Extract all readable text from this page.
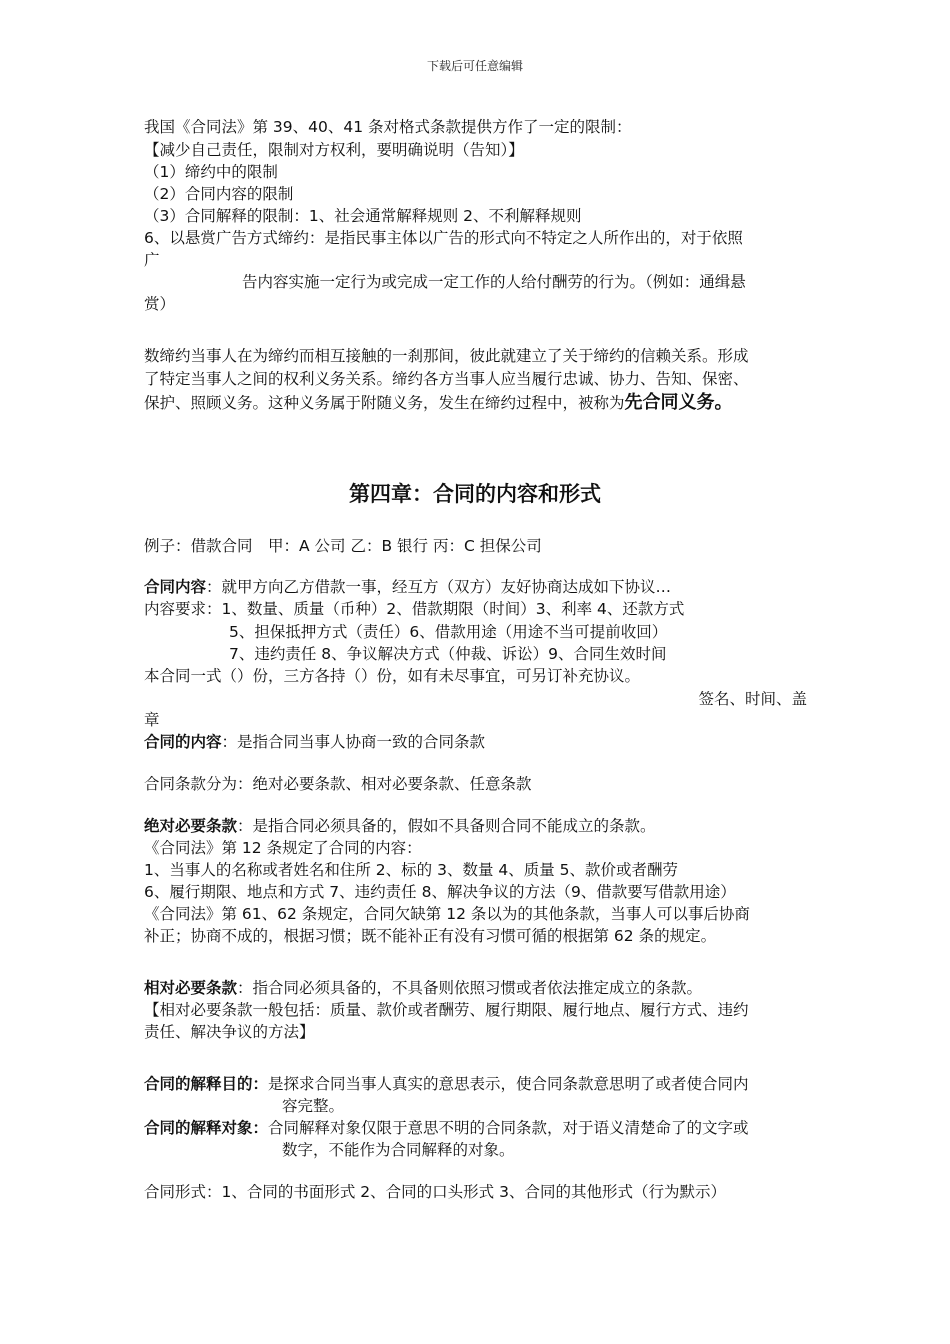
下载后可任意编辑
我国《合同法》第 39、40、41 条对格式条款提供方作了一定的限制：
【减少自己责任，限制对方权利，要明确说明（告知）】
（1）缔约中的限制
（2）合同内容的限制
（3）合同解释的限制：1、社会通常解释规则 2、不利解释规则
6、以悬赏广告方式缔约：是指民事主体以广告的形式向不特定之人所作出的，对于依照
广
告内容实施一定行为或完成一定工作的人给付酬劳的行为。（例如：通缉悬
赏）
数缔约当事人在为缔约而相互接触的一刹那间，彼此就建立了关于缔约的信赖关系。形成
了特定当事人之间的权利义务关系。缔约各方当事人应当履行忠诚、协力、告知、保密、
保护、照顾义务。这种义务属于附随义务，发生在缔约过程中，被称为先合同义务。
第四章：合同的内容和形式
例子：借款合同　甲：A 公司 乙：B 银行 丙：C 担保公司
合同内容：就甲方向乙方借款一事，经互方（双方）友好协商达成如下协议…
内容要求：1、数量、质量（币种）2、借款期限（时间）3、利率 4、还款方式
5、担保抵押方式（责任）6、借款用途（用途不当可提前收回）
7、违约责任 8、争议解决方式（仲裁、诉讼）9、合同生效时间
本合同一式（）份，三方各持（）份，如有未尽事宜，可另订补充协议。
签名、时间、盖
章
合同的内容：是指合同当事人协商一致的合同条款
合同条款分为：绝对必要条款、相对必要条款、任意条款
绝对必要条款：是指合同必须具备的，假如不具备则合同不能成立的条款。
《合同法》第 12 条规定了合同的内容：
1、当事人的名称或者姓名和住所 2、标的 3、数量 4、质量 5、款价或者酬劳
6、履行期限、地点和方式 7、违约责任 8、解决争议的方法（9、借款要写借款用途）
《合同法》第 61、62 条规定，合同欠缺第 12 条以为的其他条款，当事人可以事后协商
补正；协商不成的，根据习惯；既不能补正有没有习惯可循的根据第 62 条的规定。
相对必要条款：指合同必须具备的，不具备则依照习惯或者依法推定成立的条款。
【相对必要条款一般包括：质量、款价或者酬劳、履行期限、履行地点、履行方式、违约
责任、解决争议的方法】
合同的解释目的：是探求合同当事人真实的意思表示，使合同条款意思明了或者使合同内
容完整。
合同的解释对象：合同解释对象仅限于意思不明的合同条款，对于语义清楚命了的文字或
数字，不能作为合同解释的对象。
合同形式：1、合同的书面形式 2、合同的口头形式 3、合同的其他形式（行为默示）
